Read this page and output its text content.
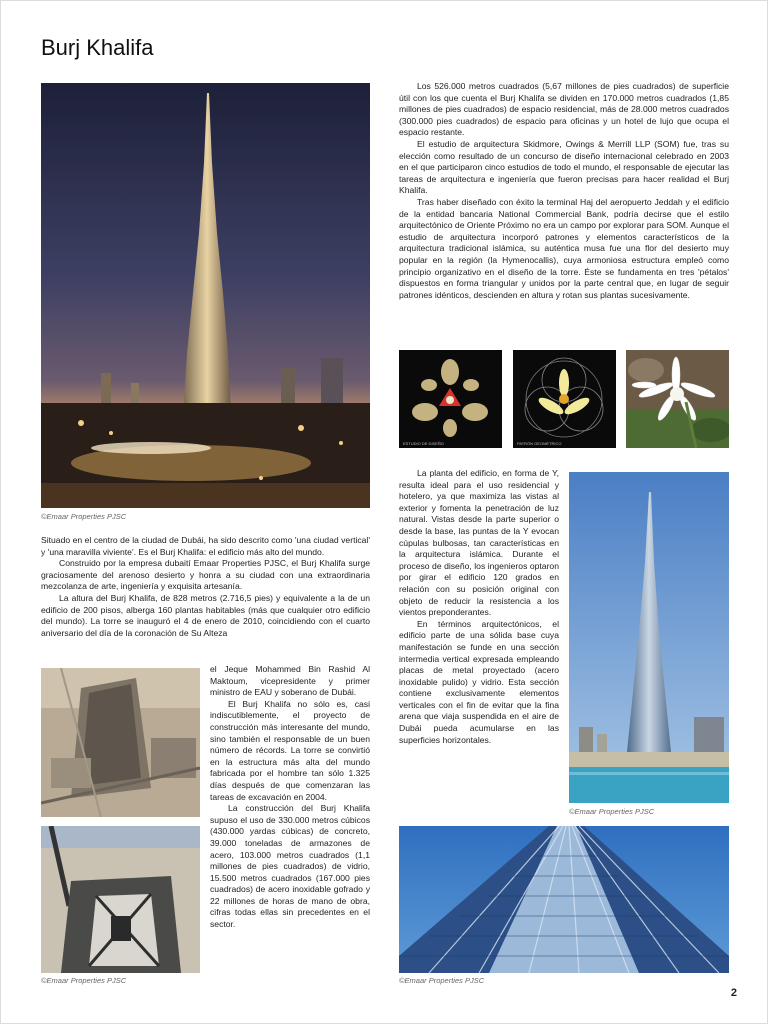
Burj Khalifa
©Emaar Properties PJSC

Situado en el centro de la ciudad de Dubái, ha sido descrito como 'una ciudad vertical' y 'una maravilla viviente'. Es el Burj Khalifa: el edificio más alto del mundo.

Construido por la empresa dubaití Emaar Properties PJSC, el Burj Khalifa surge graciosamente del arenoso desierto y honra a su ciudad con una extraordinaria mezcolanza de arte, ingeniería y exquisita artesanía.

La altura del Burj Khalifa, de 828 metros (2.716,5 pies) y equivalente a la de un edificio de 200 pisos, alberga 160 plantas habitables (más que cualquier otro edificio del mundo). La torre se inauguró el 4 de enero de 2010, coincidiendo con el cuarto aniversario del día de la coronación de Su Alteza

©Emaar Properties PJSC

el Jeque Mohammed Bin Rashid Al Maktoum, vicepresidente y primer ministro de EAU y soberano de Dubái.

El Burj Khalifa no sólo es, casi indiscutiblemente, el proyecto de construcción más interesante del mundo, sino también el responsable de un buen número de récords. La torre se convirtió en la estructura más alta del mundo fabricada por el hombre tan sólo 1.325 días después de que comenzaran las tareas de excavación en 2004.

La construcción del Burj Khalifa supuso el uso de 330.000 metros cúbicos (430.000 yardas cúbicas) de concreto, 39.000 toneladas de armazones de acero, 103.000 metros cuadrados (1,1 millones de pies cuadrados) de vidrio, 15.500 metros cuadrados (167.000 pies cuadrados) de acero inoxidable gofrado y 22 millones de horas de mano de obra, cifras todas ellas sin precedentes en el sector.

Los 526.000 metros cuadrados (5,67 millones de pies cuadrados) de superficie útil con los que cuenta el Burj Khalifa se dividen en 170.000 metros cuadrados (1,85 millones de pies cuadrados) de espacio residencial, más de 28.000 metros cuadrados (300.000 pies cuadrados) de espacio para oficinas y un hotel de lujo que ocupa el espacio restante.

El estudio de arquitectura Skidmore, Owings & Merrill LLP (SOM) fue, tras su elección como resultado de un concurso de diseño internacional celebrado en 2003 en el que participaron cinco estudios de todo el mundo, el responsable de ejecutar las tareas de arquitectura e ingeniería que fueron precisas para hacer realidad el Burj Khalifa.

Tras haber diseñado con éxito la terminal Haj del aeropuerto Jeddah y el edificio de la entidad bancaria National Commercial Bank, podría decirse que el estilo arquitectónico de Oriente Próximo no era un campo por explorar para SOM. Aunque el estudio de arquitectura incorporó patrones y elementos característicos de la arquitectura tradicional islámica, su auténtica musa fue una flor del desierto muy popular en la región (la Hymenocallis), cuya armoniosa estructura empleó como principio organizativo en el diseño de la torre. Éste se fundamenta en tres 'pétalos' dispuestos en forma triangular y unidos por la parte central que, en lugar de seguir patrones idénticos, descienden en altura y rotan sus plantas sucesivamente.

ESTUDIO DE DISEÑO	PATRÓN GEOMÉTRICO

La planta del edificio, en forma de Y, resulta ideal para el uso residencial y hotelero, ya que maximiza las vistas al exterior y fomenta la penetración de luz natural. Vistas desde la parte superior o desde la base, las puntas de la Y evocan cúpulas bulbosas, tan características en la arquitectura islámica. Durante el proceso de diseño, los ingenieros optaron por girar el edificio 120 grados en relación con su posición original con objeto de reducir la resistencia a los vientos preponderantes.

En términos arquitectónicos, el edificio parte de una sólida base cuya manifestación se funde en una sección intermedia vertical expresada empleando placas de metal proyectado (acero inoxidable pulido) y vidrio. Esta sección contiene exclusivamente elementos verticales con el fin de evitar que la fina arena que viaja suspendida en el aire de Dubái pueda acumularse en las superficies horizontales.

©Emaar Properties PJSC
©Emaar Properties PJSC
2
